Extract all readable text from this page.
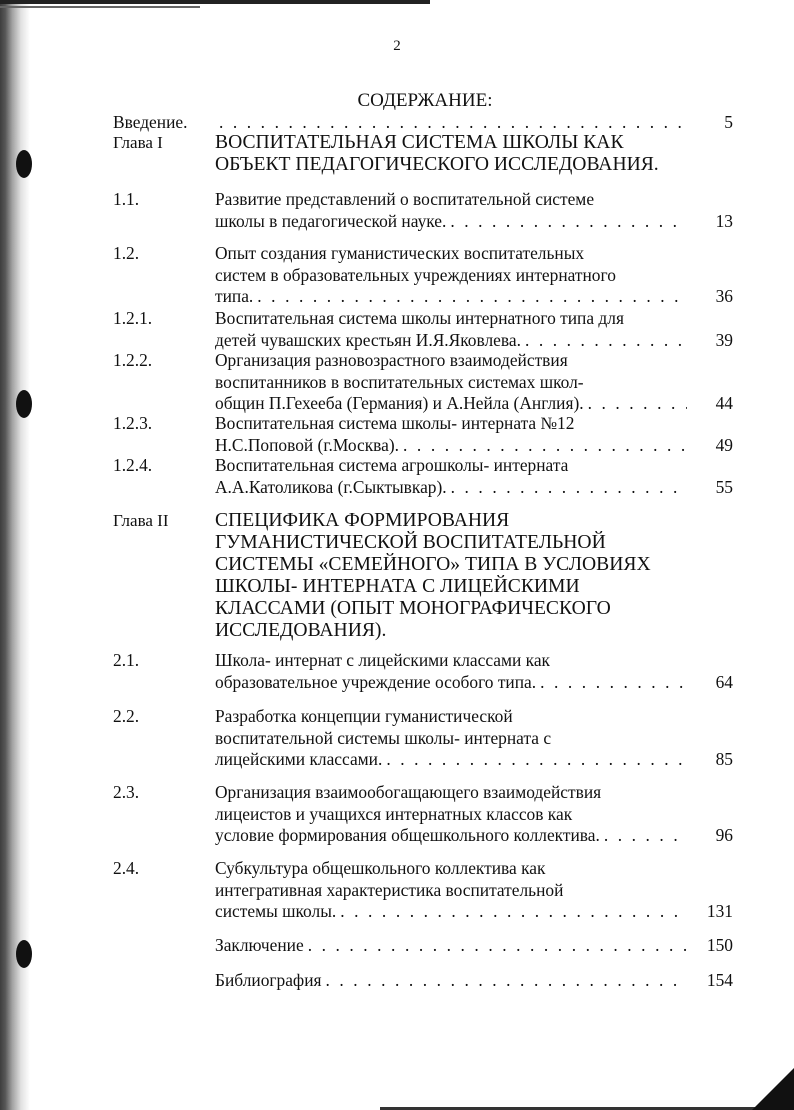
2
СОДЕРЖАНИЕ:
Введение. . . .	5
Глава I	ВОСПИТАТЕЛЬНАЯ СИСТЕМА ШКОЛЫ КАК
ОБЪЕКТ ПЕДАГОГИЧЕСКОГО ИССЛЕДОВАНИЯ.
1.1.	Развитие представлений о воспитательной системе
школы в педагогической науке. . . .	13
1.2.	Опыт создания гуманистических воспитательных
систем в образовательных учреждениях интернатного
типа. . . .	36
1.2.1.	Воспитательная система школы интернатного типа для
детей чувашских крестьян И.Я.Яковлева. . . .	39
1.2.2.	Организация разновозрастного взаимодействия
воспитанников в воспитательных системах школ-
общин П.Гехееба (Германия) и А.Нейла (Англия). . . .	44
1.2.3.	Воспитательная система школы- интерната №12
Н.С.Поповой (г.Москва). . . .	49
1.2.4.	Воспитательная система агрошколы- интерната
А.А.Католикова (г.Сыктывкар). . . .	55
Глава II СПЕЦИФИКА ФОРМИРОВАНИЯ
ГУМАНИСТИЧЕСКОЙ ВОСПИТАТЕЛЬНОЙ
СИСТЕМЫ «СЕМЕЙНОГО» ТИПА В УСЛОВИЯХ
ШКОЛЫ- ИНТЕРНАТА С ЛИЦЕЙСКИМИ
КЛАССАМИ (ОПЫТ МОНОГРАФИЧЕСКОГО
ИССЛЕДОВАНИЯ).
2.1.	Школа- интернат с лицейскими классами как
образовательное учреждение особого типа. . . .	64
2.2.	Разработка концепции гуманистической
воспитательной системы школы- интерната с
лицейскими классами. . . .	85
2.3.	Организация взаимообогащающего взаимодействия
лицеистов и учащихся интернатных классов как
условие формирования общешкольного коллектива. . . .	96
2.4.	Субкультура общешкольного коллектива как
интегративная характеристика воспитательной
системы школы. . . .	131
Заключение . . .	150
Библиография . . .	154
